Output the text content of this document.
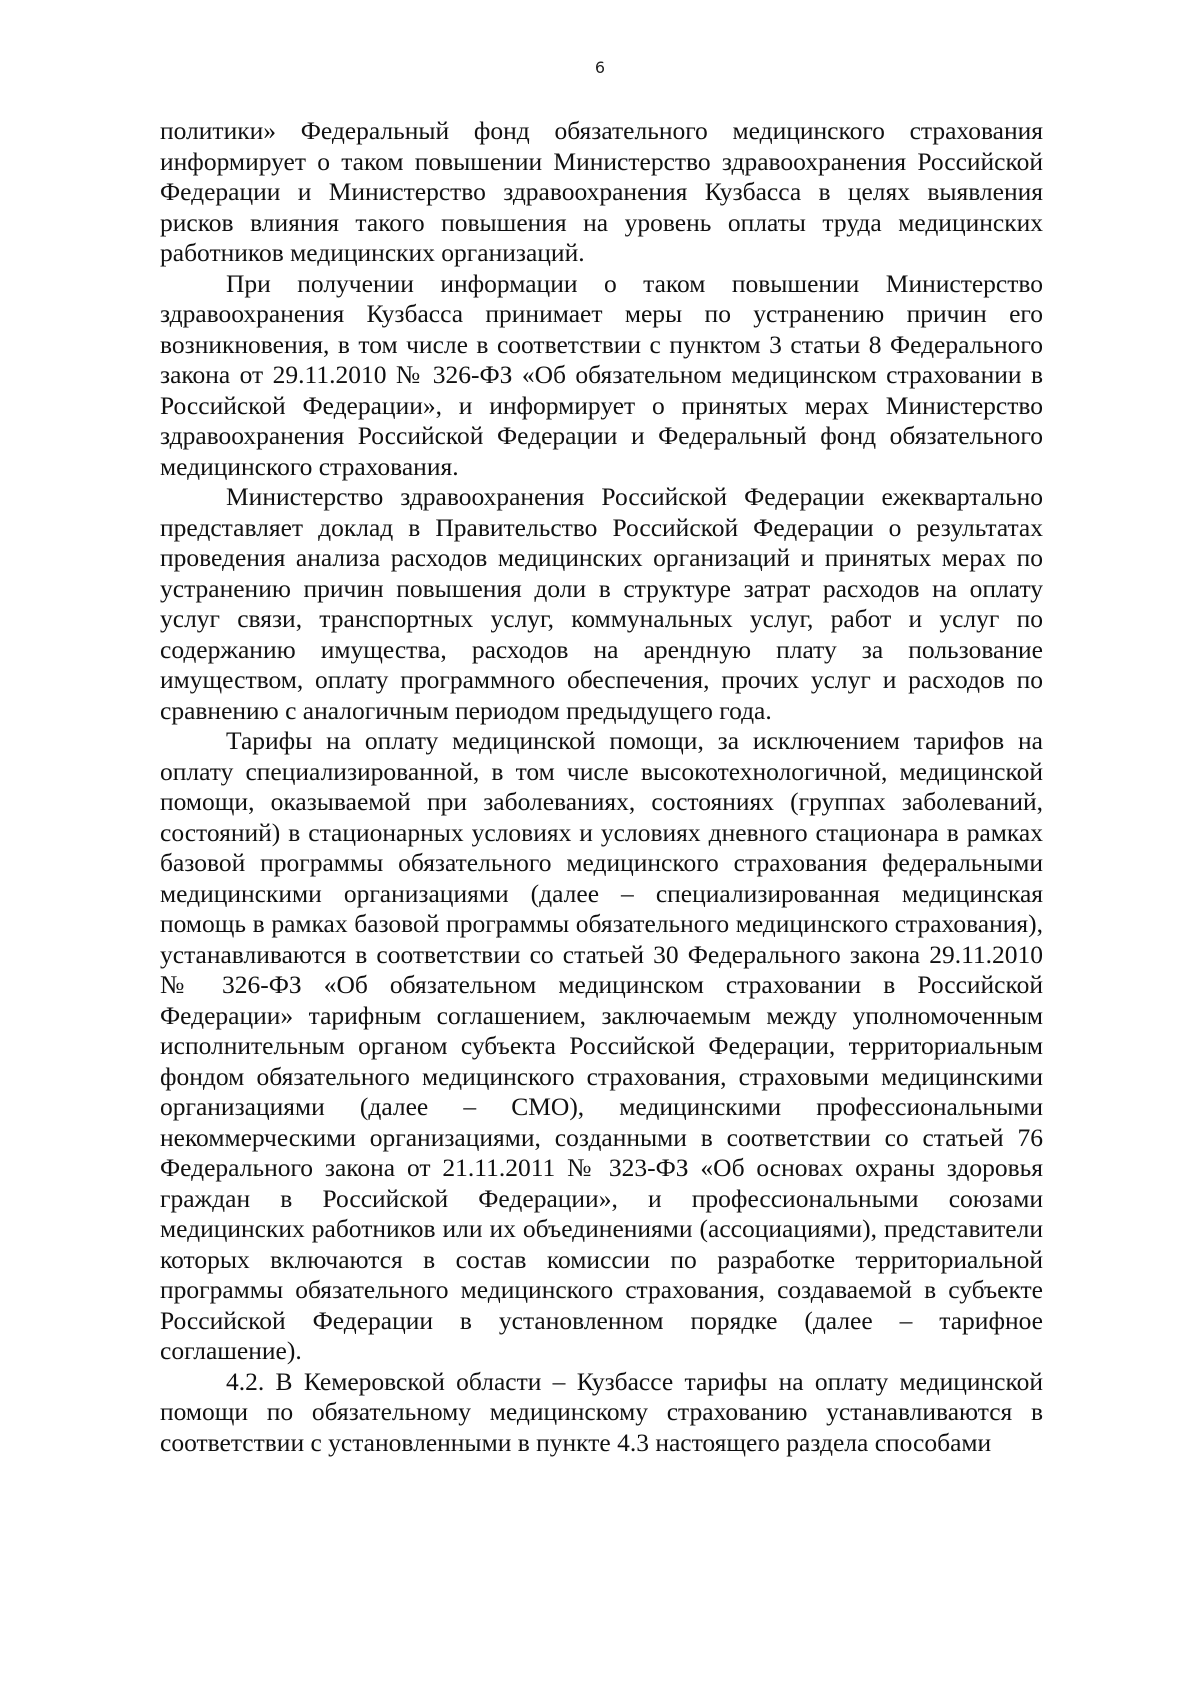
6

политики» Федеральный фонд обязательного медицинского страхования информирует о таком повышении Министерство здравоохранения Российской Федерации и Министерство здравоохранения Кузбасса в целях выявления рисков влияния такого повышения на уровень оплаты труда медицинских работников медицинских организаций.

При получении информации о таком повышении Министерство здравоохранения Кузбасса принимает меры по устранению причин его возникновения, в том числе в соответствии с пунктом 3 статьи 8 Федерального закона от 29.11.2010 № 326-ФЗ «Об обязательном медицинском страховании в Российской Федерации», и информирует о принятых мерах Министерство здравоохранения Российской Федерации и Федеральный фонд обязательного медицинского страхования.

Министерство здравоохранения Российской Федерации ежеквартально представляет доклад в Правительство Российской Федерации о результатах проведения анализа расходов медицинских организаций и принятых мерах по устранению причин повышения доли в структуре затрат расходов на оплату услуг связи, транспортных услуг, коммунальных услуг, работ и услуг по содержанию имущества, расходов на арендную плату за пользование имуществом, оплату программного обеспечения, прочих услуг и расходов по сравнению с аналогичным периодом предыдущего года.

Тарифы на оплату медицинской помощи, за исключением тарифов на оплату специализированной, в том числе высокотехнологичной, медицинской помощи, оказываемой при заболеваниях, состояниях (группах заболеваний, состояний) в стационарных условиях и условиях дневного стационара в рамках базовой программы обязательного медицинского страхования федеральными медицинскими организациями (далее – специализированная медицинская помощь в рамках базовой программы обязательного медицинского страхования), устанавливаются в соответствии со статьей 30 Федерального закона 29.11.2010 № 326-ФЗ «Об обязательном медицинском страховании в Российской Федерации» тарифным соглашением, заключаемым между уполномоченным исполнительным органом субъекта Российской Федерации, территориальным фондом обязательного медицинского страхования, страховыми медицинскими организациями (далее – СМО), медицинскими профессиональными некоммерческими организациями, созданными в соответствии со статьей 76 Федерального закона от 21.11.2011 № 323-ФЗ «Об основах охраны здоровья граждан в Российской Федерации», и профессиональными союзами медицинских работников или их объединениями (ассоциациями), представители которых включаются в состав комиссии по разработке территориальной программы обязательного медицинского страхования, создаваемой в субъекте Российской Федерации в установленном порядке (далее – тарифное соглашение).

4.2. В Кемеровской области – Кузбассе тарифы на оплату медицинской помощи по обязательному медицинскому страхованию устанавливаются в соответствии с установленными в пункте 4.3 настоящего раздела способами
